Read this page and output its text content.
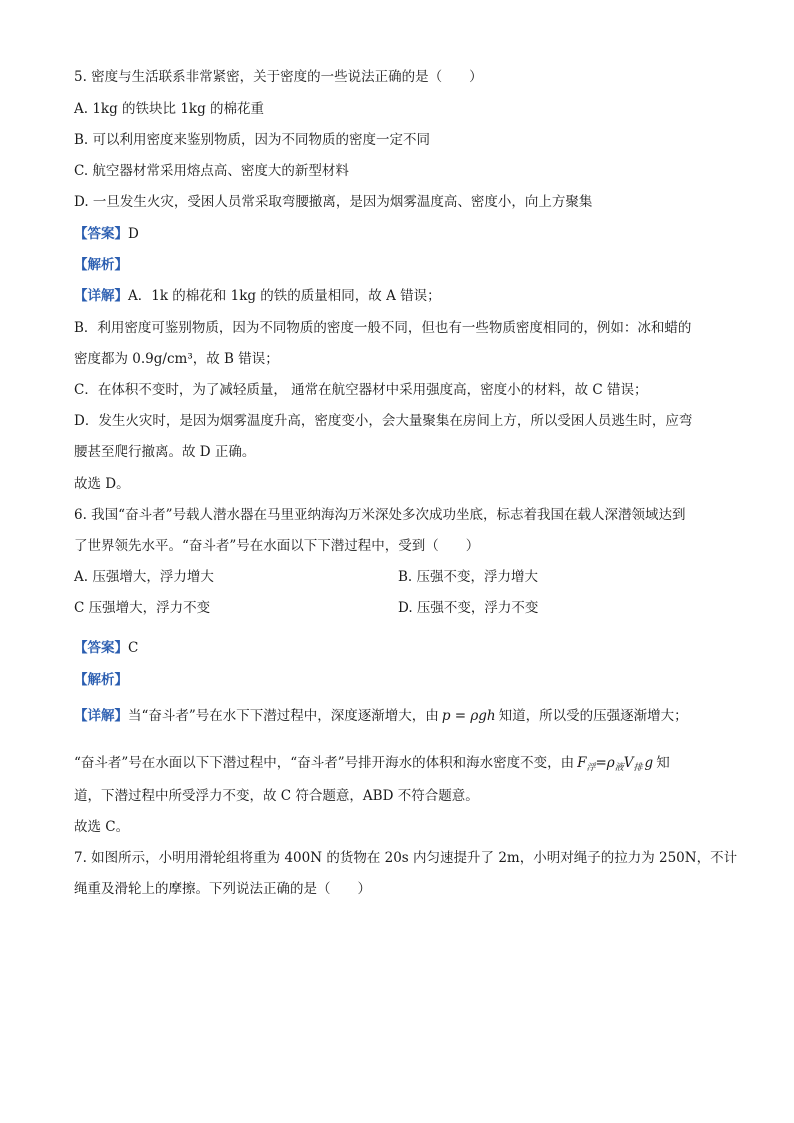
5. 密度与生活联系非常紧密，关于密度的一些说法正确的是（　　）
A. 1kg 的铁块比 1kg 的棉花重
B. 可以利用密度来鉴别物质，因为不同物质的密度一定不同
C. 航空器材常采用熔点高、密度大的新型材料
D. 一旦发生火灾，受困人员常采取弯腰撤离，是因为烟雾温度高、密度小，向上方聚集
【答案】D
【解析】
【详解】A．1k 的棉花和 1kg 的铁的质量相同，故 A 错误；
B．利用密度可鉴别物质，因为不同物质的密度一般不同，但也有一些物质密度相同的，例如：冰和蜡的
密度都为 0.9g/cm³，故 B 错误；
C．在体积不变时，为了减轻质量， 通常在航空器材中采用强度高，密度小的材料，故 C 错误；
D．发生火灾时，是因为烟雾温度升高，密度变小，会大量聚集在房间上方，所以受困人员逃生时，应弯
腰甚至爬行撤离。故 D 正确。
故选 D。
6. 我国“奋斗者”号载人潜水器在马里亚纳海沟万米深处多次成功坐底，标志着我国在载人深潜领域达到
了世界领先水平。“奋斗者”号在水面以下下潜过程中，受到（　　）
A. 压强增大，浮力增大	B. 压强不变，浮力增大
C 压强增大，浮力不变	D. 压强不变，浮力不变
【答案】C
【解析】
【详解】当“奋斗者”号在水下下潜过程中，深度逐渐增大，由 p = ρgh 知道，所以受的压强逐渐增大；
“奋斗者”号在水面以下下潜过程中，“奋斗者”号排开海水的体积和海水密度不变，由 $F_浮=\rho_液V_排$ g 知
道，下潜过程中所受浮力不变，故 C 符合题意，ABD 不符合题意。
故选 C。
7. 如图所示，小明用滑轮组将重为 400N 的货物在 20s 内匀速提升了 2m，小明对绳子的拉力为 250N，不计
绳重及滑轮上的摩擦。下列说法正确的是（　　）
